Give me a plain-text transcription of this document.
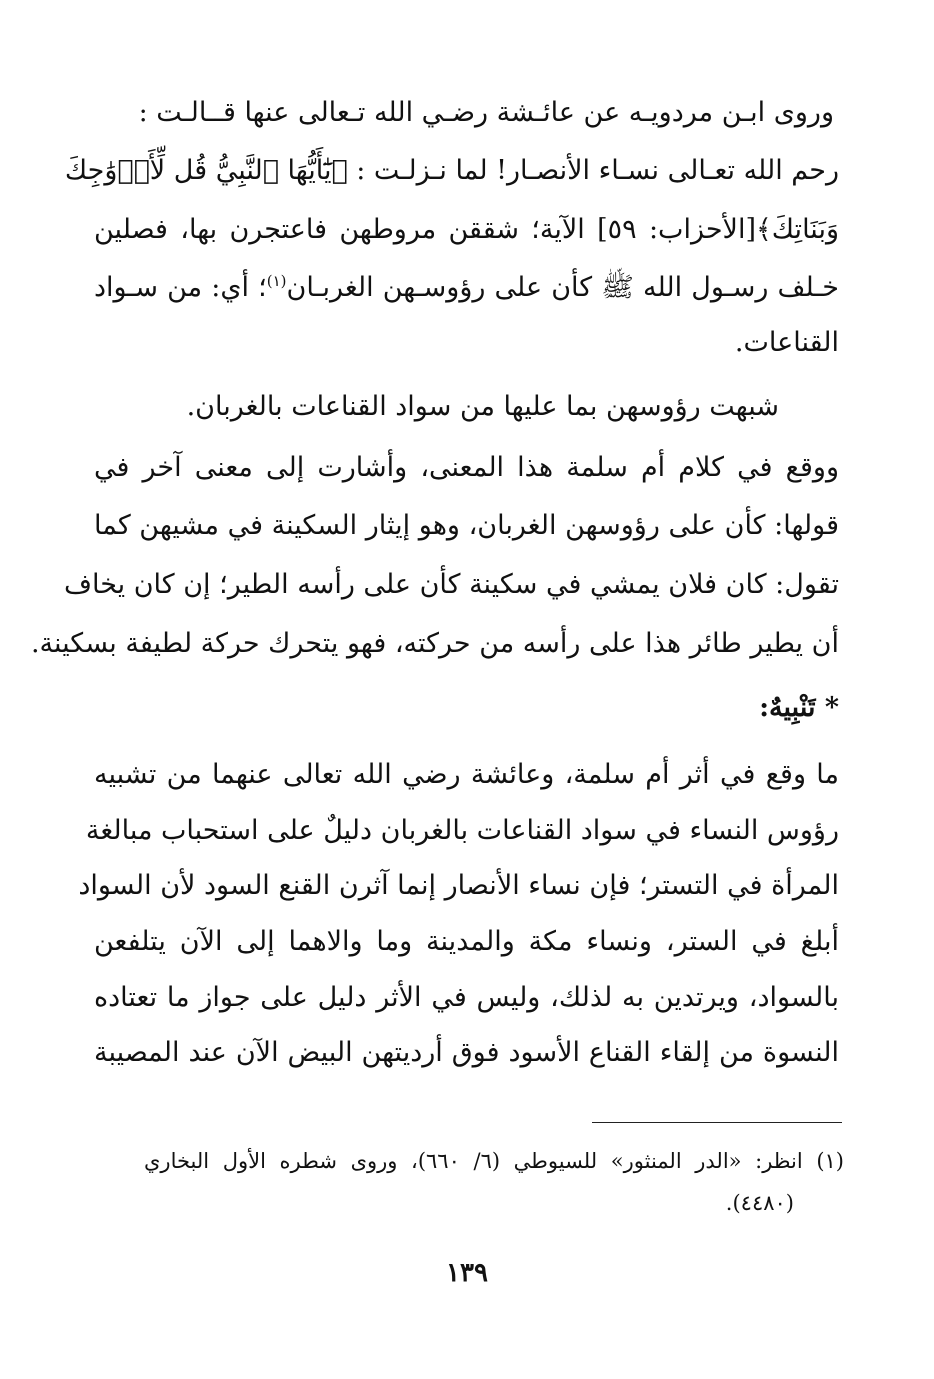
وروى ابـن مردويـه عن عائـشة رضـي الله تـعالى عنها قــالـت :
رحم الله تعـالى نسـاء الأنصـار! لما نـزلـت : ﴿يَٰٓأَيُّهَا ٱلنَّبِيُّ قُل لِّأَزۡوَٰجِكَ
وَبَنَاتِكَ﴾[الأحزاب: ٥٩] الآية؛ شققن مروطهن فاعتجرن بها، فصلين
خـلف رسـول الله ﷺ كأن على رؤوسـهن الغربـان$^{(١)}$؛ أي: من سـواد
القناعات.
شبهت رؤوسهن بما عليها من سواد القناعات بالغربان.
ووقع في كلام أم سلمة هذا المعنى، وأشارت إلى معنى آخر في
قولها: كأن على رؤوسهن الغربان، وهو إيثار السكينة في مشيهن كما
تقول: كان فلان يمشي في سكينة كأن على رأسه الطير؛ إن كان يخاف
أن يطير طائر هذا على رأسه من حركته، فهو يتحرك حركة لطيفة بسكينة.
* تَنْبِيهٌ:
ما وقع في أثر أم سلمة، وعائشة رضي الله تعالى عنهما من تشبيه
رؤوس النساء في سواد القناعات بالغربان دليلٌ على استحباب مبالغة
المرأة في التستر؛ فإن نساء الأنصار إنما آثرن القنع السود لأن السواد
أبلغ في الستر، ونساء مكة والمدينة وما والاهما إلى الآن يتلفعن
بالسواد، ويرتدين به لذلك، وليس في الأثر دليل على جواز ما تعتاده
النسوة من إلقاء القناع الأسود فوق أرديتهن البيض الآن عند المصيبة
(١) انظر: «الدر المنثور» للسيوطي (٦/ ٦٦٠)، وروى شطره الأول البخاري
(٤٤٨٠).
١٣٩
